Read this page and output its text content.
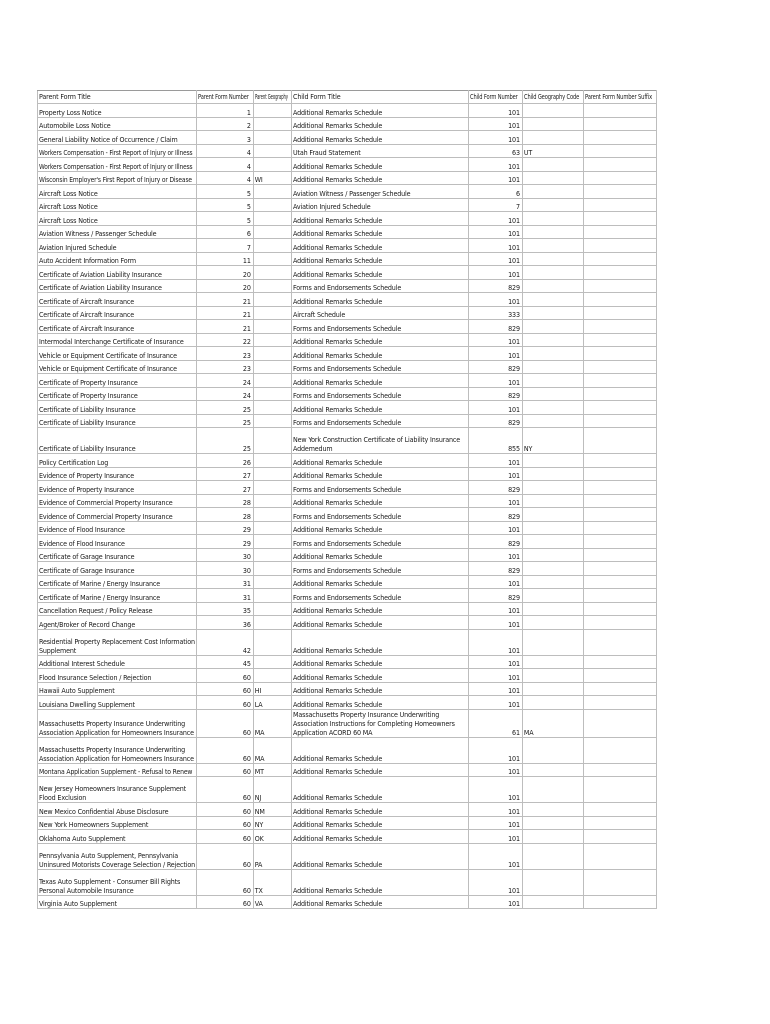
Parent Form Title	Parent Form Number	Parent Geography	Child Form Title	Child Form Number	Child Geography Code	Parent Form Number Suffix
Property Loss Notice	1		Additional Remarks Schedule	101		
Automobile Loss Notice	2		Additional Remarks Schedule	101		
General Liability Notice of Occurrence / Claim	3		Additional Remarks Schedule	101		
Workers Compensation - First Report of Injury or Illness	4		Utah Fraud Statement	63	UT	
Workers Compensation - First Report of Injury or Illness	4		Additional Remarks Schedule	101		
Wisconsin Employer's First Report of Injury or Disease	4	WI	Additional Remarks Schedule	101		
Aircraft Loss Notice	5		Aviation Witness / Passenger Schedule	6		
Aircraft Loss Notice	5		Aviation Injured Schedule	7		
Aircraft Loss Notice	5		Additional Remarks Schedule	101		
Aviation Witness / Passenger Schedule	6		Additional Remarks Schedule	101		
Aviation Injured Schedule	7		Additional Remarks Schedule	101		
Auto Accident Information Form	11		Additional Remarks Schedule	101		
Certificate of Aviation Liability Insurance	20		Additional Remarks Schedule	101		
Certificate of Aviation Liability Insurance	20		Forms and Endorsements Schedule	829		
Certificate of Aircraft Insurance	21		Additional Remarks Schedule	101		
Certificate of Aircraft Insurance	21		Aircraft Schedule	333		
Certificate of Aircraft Insurance	21		Forms and Endorsements Schedule	829		
Intermodal Interchange Certificate of Insurance	22		Additional Remarks Schedule	101		
Vehicle or Equipment Certificate of Insurance	23		Additional Remarks Schedule	101		
Vehicle or Equipment Certificate of Insurance	23		Forms and Endorsements Schedule	829		
Certificate of Property Insurance	24		Additional Remarks Schedule	101		
Certificate of Property Insurance	24		Forms and Endorsements Schedule	829		
Certificate of Liability Insurance	25		Additional Remarks Schedule	101		
Certificate of Liability Insurance	25		Forms and Endorsements Schedule	829		
Certificate of Liability Insurance	25		New York Construction Certificate of Liability Insurance Addemedum	855	NY	
Policy Certification Log	26		Additional Remarks Schedule	101		
Evidence of Property Insurance	27		Additional Remarks Schedule	101		
Evidence of Property Insurance	27		Forms and Endorsements Schedule	829		
Evidence of Commercial Property Insurance	28		Additional Remarks Schedule	101		
Evidence of Commercial Property Insurance	28		Forms and Endorsements Schedule	829		
Evidence of Flood Insurance	29		Additional Remarks Schedule	101		
Evidence of Flood Insurance	29		Forms and Endorsements Schedule	829		
Certificate of Garage Insurance	30		Additional Remarks Schedule	101		
Certificate of Garage Insurance	30		Forms and Endorsements Schedule	829		
Certificate of Marine / Energy Insurance	31		Additional Remarks Schedule	101		
Certificate of Marine / Energy Insurance	31		Forms and Endorsements Schedule	829		
Cancellation Request / Policy Release	35		Additional Remarks Schedule	101		
Agent/Broker of Record Change	36		Additional Remarks Schedule	101		
Residential Property Replacement Cost Information Supplement	42		Additional Remarks Schedule	101		
Additional Interest Schedule	45		Additional Remarks Schedule	101		
Flood Insurance Selection / Rejection	60		Additional Remarks Schedule	101		
Hawaii Auto Supplement	60	HI	Additional Remarks Schedule	101		
Louisiana Dwelling Supplement	60	LA	Additional Remarks Schedule	101		
Massachusetts Property Insurance Underwriting Association Application for Homeowners Insurance	60	MA	Massachusetts Property Insurance Underwriting Association Instructions for Completing Homeowners Application ACORD 60 MA	61	MA	
Massachusetts Property Insurance Underwriting Association Application for Homeowners Insurance	60	MA	Additional Remarks Schedule	101		
Montana Application Supplement - Refusal to Renew	60	MT	Additional Remarks Schedule	101		
New Jersey Homeowners Insurance Supplement Flood Exclusion	60	NJ	Additional Remarks Schedule	101		
New Mexico Confidential Abuse Disclosure	60	NM	Additional Remarks Schedule	101		
New York Homeowners Supplement	60	NY	Additional Remarks Schedule	101		
Oklahoma Auto Supplement	60	OK	Additional Remarks Schedule	101		
Pennsylvania Auto Supplement, Pennsylvania Uninsured Motorists Coverage Selection / Rejection	60	PA	Additional Remarks Schedule	101		
Texas Auto Supplement - Consumer Bill Rights Personal Automobile Insurance	60	TX	Additional Remarks Schedule	101		
Virginia Auto Supplement	60	VA	Additional Remarks Schedule	101		
